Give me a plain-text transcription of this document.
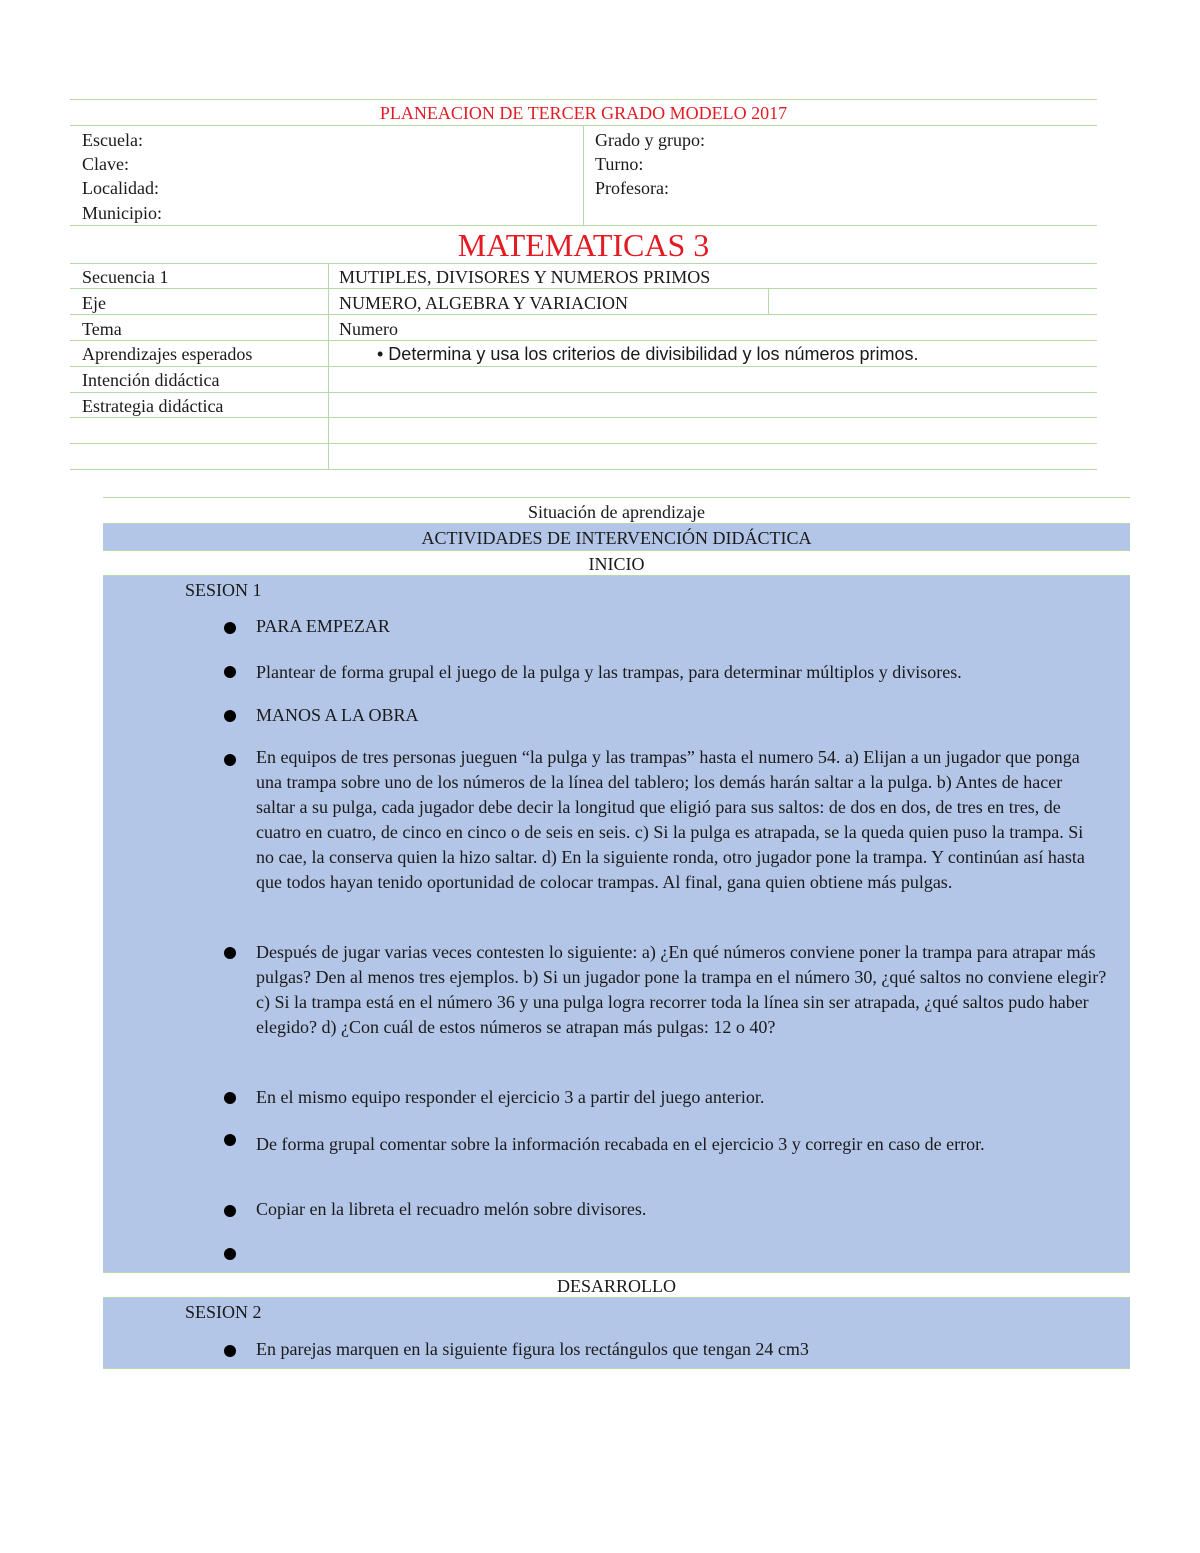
PLANEACION DE TERCER GRADO MODELO 2017
Escuela:
Clave:
Localidad:
Municipio:
Grado y grupo:
Turno:
Profesora:
MATEMATICAS 3
Secuencia 1	MUTIPLES, DIVISORES Y NUMEROS PRIMOS
Eje	NUMERO, ALGEBRA Y VARIACION
Tema	Numero
Aprendizajes esperados	• Determina y usa los criterios de divisibilidad y los números primos.
Intención didáctica
Estrategia didáctica
Situación de aprendizaje
ACTIVIDADES DE INTERVENCIÓN DIDÁCTICA
INICIO
SESION 1
PARA EMPEZAR
Plantear de forma grupal el juego de la pulga y las trampas, para determinar múltiplos y divisores.
MANOS A LA OBRA
En equipos de tres personas jueguen “la pulga y las trampas” hasta el numero 54. a) Elijan a un jugador que ponga una trampa sobre uno de los números de la línea del tablero; los demás harán saltar a la pulga. b) Antes de hacer saltar a su pulga, cada jugador debe decir la longitud que eligió para sus saltos: de dos en dos, de tres en tres, de cuatro en cuatro, de cinco en cinco o de seis en seis. c) Si la pulga es atrapada, se la queda quien puso la trampa. Si no cae, la conserva quien la hizo saltar. d) En la siguiente ronda, otro jugador pone la trampa. Y continúan así hasta que todos hayan tenido oportunidad de colocar trampas. Al final, gana quien obtiene más pulgas.
Después de jugar varias veces contesten lo siguiente: a) ¿En qué números conviene poner la trampa para atrapar más pulgas? Den al menos tres ejemplos. b) Si un jugador pone la trampa en el número 30, ¿qué saltos no conviene elegir? c) Si la trampa está en el número 36 y una pulga logra recorrer toda la línea sin ser atrapada, ¿qué saltos pudo haber elegido? d) ¿Con cuál de estos números se atrapan más pulgas: 12 o 40?
En el mismo equipo responder el ejercicio 3 a partir del juego anterior.
De forma grupal comentar sobre la información recabada en el ejercicio 3 y corregir en caso de error.
Copiar en la libreta el recuadro melón sobre divisores.
DESARROLLO
SESION 2
En parejas marquen en la siguiente figura los rectángulos que tengan 24 cm3
